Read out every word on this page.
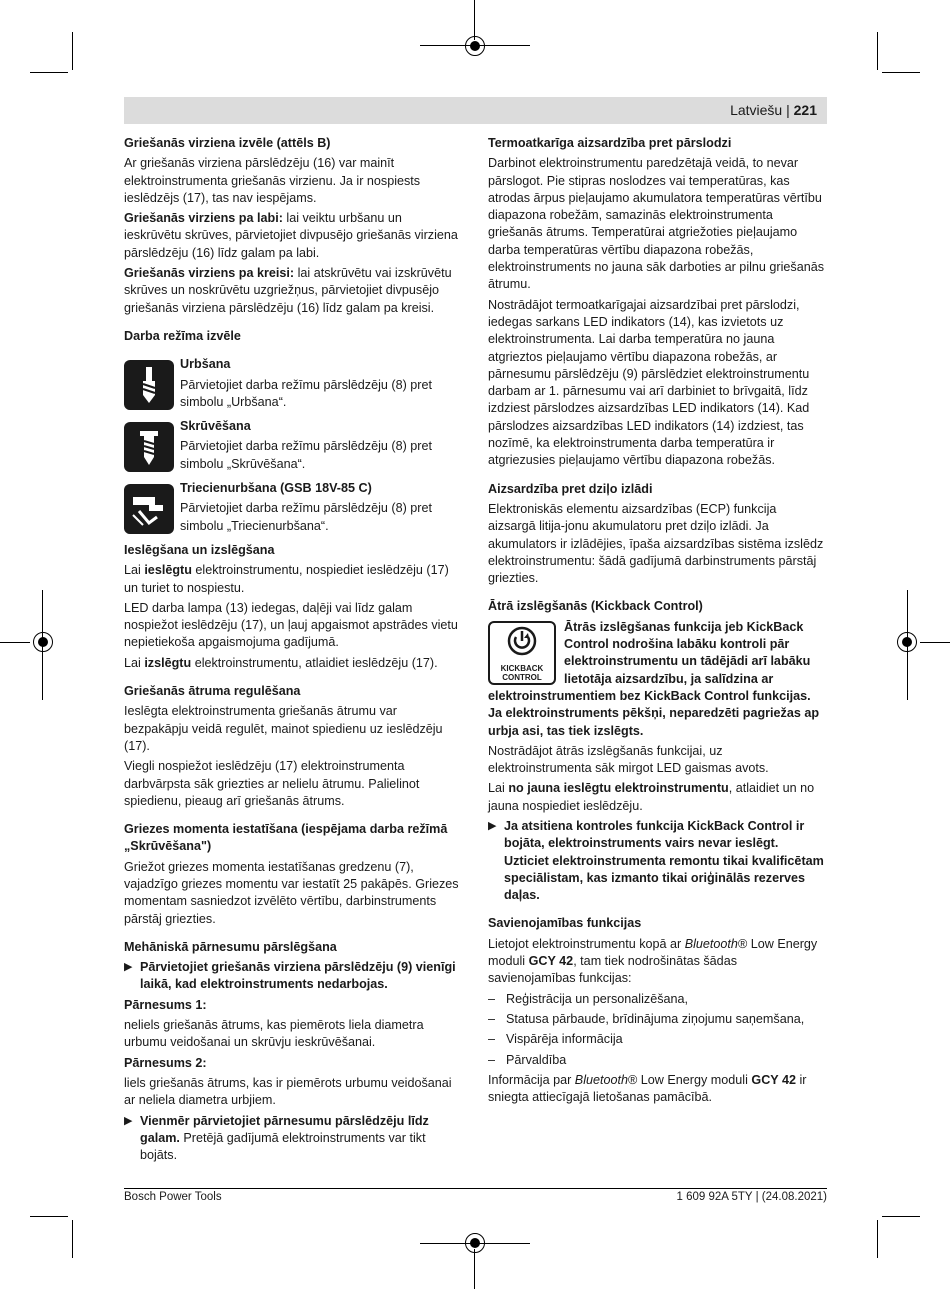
Latviešu | 221
Griešanās virziena izvēle (attēls B)
Ar griešanās virziena pārslēdzēju (16) var mainīt elektroinstrumenta griešanās virzienu. Ja ir nospiests ieslēdzējs (17), tas nav iespējams.
Griešanās virziens pa labi: lai veiktu urbšanu un ieskrūvētu skrūves, pārvietojiet divpusējo griešanās virziena pārslēdzēju (16) līdz galam pa labi.
Griešanās virziens pa kreisi: lai atskrūvētu vai izskrūvētu skrūves un noskrūvētu uzgriežņus, pārvietojiet divpusējo griešanās virziena pārslēdzēju (16) līdz galam pa kreisi.
Darba režīma izvēle
Urbšana
Pārvietojiet darba režīmu pārslēdzēju (8) pret simbolu „Urbšana“.
Skrūvēšana
Pārvietojiet darba režīmu pārslēdzēju (8) pret simbolu „Skrūvēšana“.
Triecienurbšana (GSB 18V-85 C)
Pārvietojiet darba režīmu pārslēdzēju (8) pret simbolu „Triecienurbšana“.
Ieslēgšana un izslēgšana
Lai ieslēgtu elektroinstrumentu, nospiediet ieslēdzēju (17) un turiet to nospiestu.
LED darba lampa (13) iedegas, daļēji vai līdz galam nospiežot ieslēdzēju (17), un ļauj apgaismot apstrādes vietu nepietiekoša apgaismojuma gadījumā.
Lai izslēgtu elektroinstrumentu, atlaidiet ieslēdzēju (17).
Griešanās ātruma regulēšana
Ieslēgta elektroinstrumenta griešanās ātrumu var bezpakāpju veidā regulēt, mainot spiedienu uz ieslēdzēju (17).
Viegli nospiežot ieslēdzēju (17) elektroinstrumenta darbvārpsta sāk griezties ar nelielu ātrumu. Palielinot spiedienu, pieaug arī griešanās ātrums.
Griezes momenta iestatīšana (iespējama darba režīmā „Skrūvēšana")
Griežot griezes momenta iestatīšanas gredzenu (7), vajadzīgo griezes momentu var iestatīt 25 pakāpēs. Griezes momentam sasniedzot izvēlēto vērtību, darbinstruments pārstāj griezties.
Mehāniskā pārnesumu pārslēgšana
▶ Pārvietojiet griešanās virziena pārslēdzēju (9) vienīgi laikā, kad elektroinstruments nedarbojas.
Pārnesums 1:
neliels griešanās ātrums, kas piemērots liela diametra urbumu veidošanai un skrūvju ieskrūvēšanai.
Pārnesums 2:
liels griešanās ātrums, kas ir piemērots urbumu veidošanai ar neliela diametra urbjiem.
▶ Vienmēr pārvietojiet pārnesumu pārslēdzēju līdz galam. Pretējā gadījumā elektroinstruments var tikt bojāts.
Termoatkarīga aizsardzība pret pārslodzi
Darbinot elektroinstrumentu paredzētajā veidā, to nevar pārslogot. Pie stipras noslodzes vai temperatūras, kas atrodas ārpus pieļaujamo akumulatora temperatūras vērtību diapazona robežām, samazinās elektroinstrumenta griešanās ātrums. Temperatūrai atgriežoties pieļaujamo darba temperatūras vērtību diapazona robežās, elektroinstruments no jauna sāk darboties ar pilnu griešanās ātrumu.
Nostrādājot termoatkarīgajai aizsardzībai pret pārslodzi, iedegas sarkans LED indikators (14), kas izvietots uz elektroinstrumenta. Lai darba temperatūra no jauna atgrieztos pieļaujamo vērtību diapazona robežās, ar pārnesumu pārslēdzēju (9) pārslēdziet elektroinstrumentu darbam ar 1. pārnesumu vai arī darbiniet to brīvgaitā, līdz izdziest pārslodzes aizsardzības LED indikators (14). Kad pārslodzes aizsardzības LED indikators (14) izdziest, tas nozīmē, ka elektroinstrumenta darba temperatūra ir atgriezusies pieļaujamo vērtību diapazona robežās.
Aizsardzība pret dziļo izlādi
Elektroniskās elementu aizsardzības (ECP) funkcija aizsargā litija-jonu akumulatoru pret dziļo izlādi. Ja akumulators ir izlādējies, īpaša aizsardzības sistēma izslēdz elektroinstrumentu: šādā gadījumā darbinstruments pārstāj griezties.
Ātrā izslēgšanās (Kickback Control)
KICKBACK
CONTROL
Ātrās izslēgšanas funkcija jeb KickBack Control nodrošina labāku kontroli pār elektroinstrumentu un tādējādi arī labāku lietotāja aizsardzību, ja salīdzina ar elektroinstrumentiem bez KickBack Control funkcijas. Ja elektroinstruments pēkšņi, neparedzēti pagriežas ap urbja asi, tas tiek izslēgts.
Nostrādājot ātrās izslēgšanās funkcijai, uz elektroinstrumenta sāk mirgot LED gaismas avots.
Lai no jauna ieslēgtu elektroinstrumentu, atlaidiet un no jauna nospiediet ieslēdzēju.
▶ Ja atsitiena kontroles funkcija KickBack Control ir bojāta, elektroinstruments vairs nevar ieslēgt. Uzticiet elektroinstrumenta remontu tikai kvalificētam speciālistam, kas izmanto tikai oriģinālās rezerves daļas.
Savienojamības funkcijas
Lietojot elektroinstrumentu kopā ar Bluetooth® Low Energy moduli GCY 42, tam tiek nodrošinātas šādas savienojamības funkcijas:
– Reģistrācija un personalizēšana,
– Statusa pārbaude, brīdinājuma ziņojumu saņemšana,
– Vispārēja informācija
– Pārvaldība
Informācija par Bluetooth® Low Energy moduli GCY 42 ir sniegta attiecīgajā lietošanas pamācībā.
Bosch Power Tools	1 609 92A 5TY | (24.08.2021)
